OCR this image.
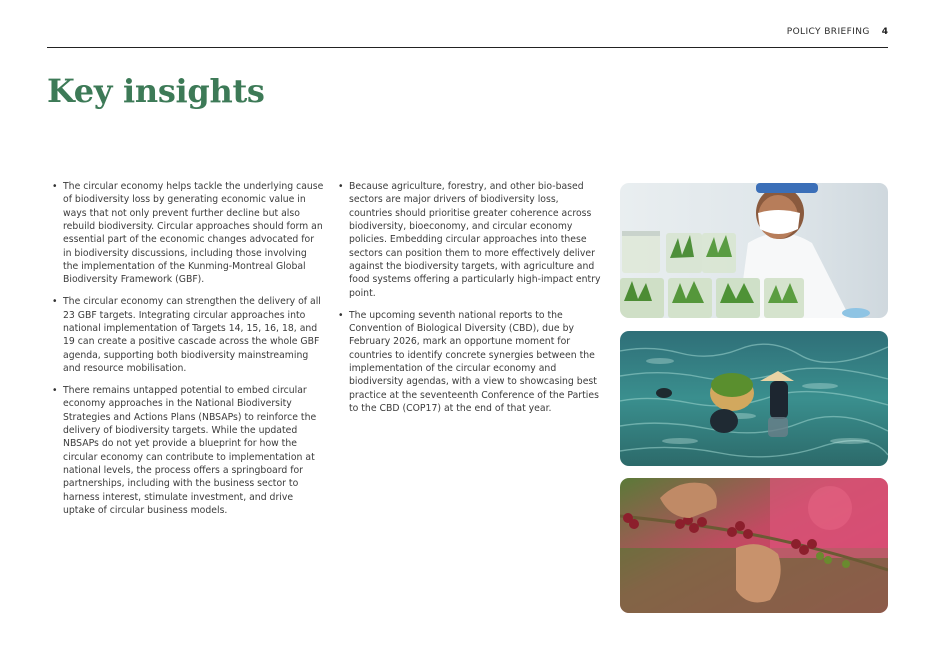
POLICY BRIEFING 4
Key insights
• The circular economy helps tackle the underlying cause of biodiversity loss by generating economic value in ways that not only prevent further decline but also rebuild biodiversity. Circular approaches should form an essential part of the economic changes advocated for in biodiversity discussions, including those involving the implementation of the Kunming-Montreal Global Biodiversity Framework (GBF).
• The circular economy can strengthen the delivery of all 23 GBF targets. Integrating circular approaches into national implementation of Targets 14, 15, 16, 18, and 19 can create a positive cascade across the whole GBF agenda, supporting both biodiversity mainstreaming and resource mobilisation.
• There remains untapped potential to embed circular economy approaches in the National Biodiversity Strategies and Actions Plans (NBSAPs) to reinforce the delivery of biodiversity targets. While the updated NBSAPs do not yet provide a blueprint for how the circular economy can contribute to implementation at national levels, the process offers a springboard for partnerships, including with the business sector to harness interest, stimulate investment, and drive uptake of circular business models.
• Because agriculture, forestry, and other bio-based sectors are major drivers of biodiversity loss, countries should prioritise greater coherence across biodiversity, bioeconomy, and circular economy policies. Embedding circular approaches into these sectors can position them to more effectively deliver against the biodiversity targets, with agriculture and food systems offering a particularly high-impact entry point.
• The upcoming seventh national reports to the Convention of Biological Diversity (CBD), due by February 2026, mark an opportune moment for countries to identify concrete synergies between the implementation of the circular economy and biodiversity agendas, with a view to showcasing best practice at the seventeenth Conference of the Parties to the CBD (COP17) at the end of that year.
